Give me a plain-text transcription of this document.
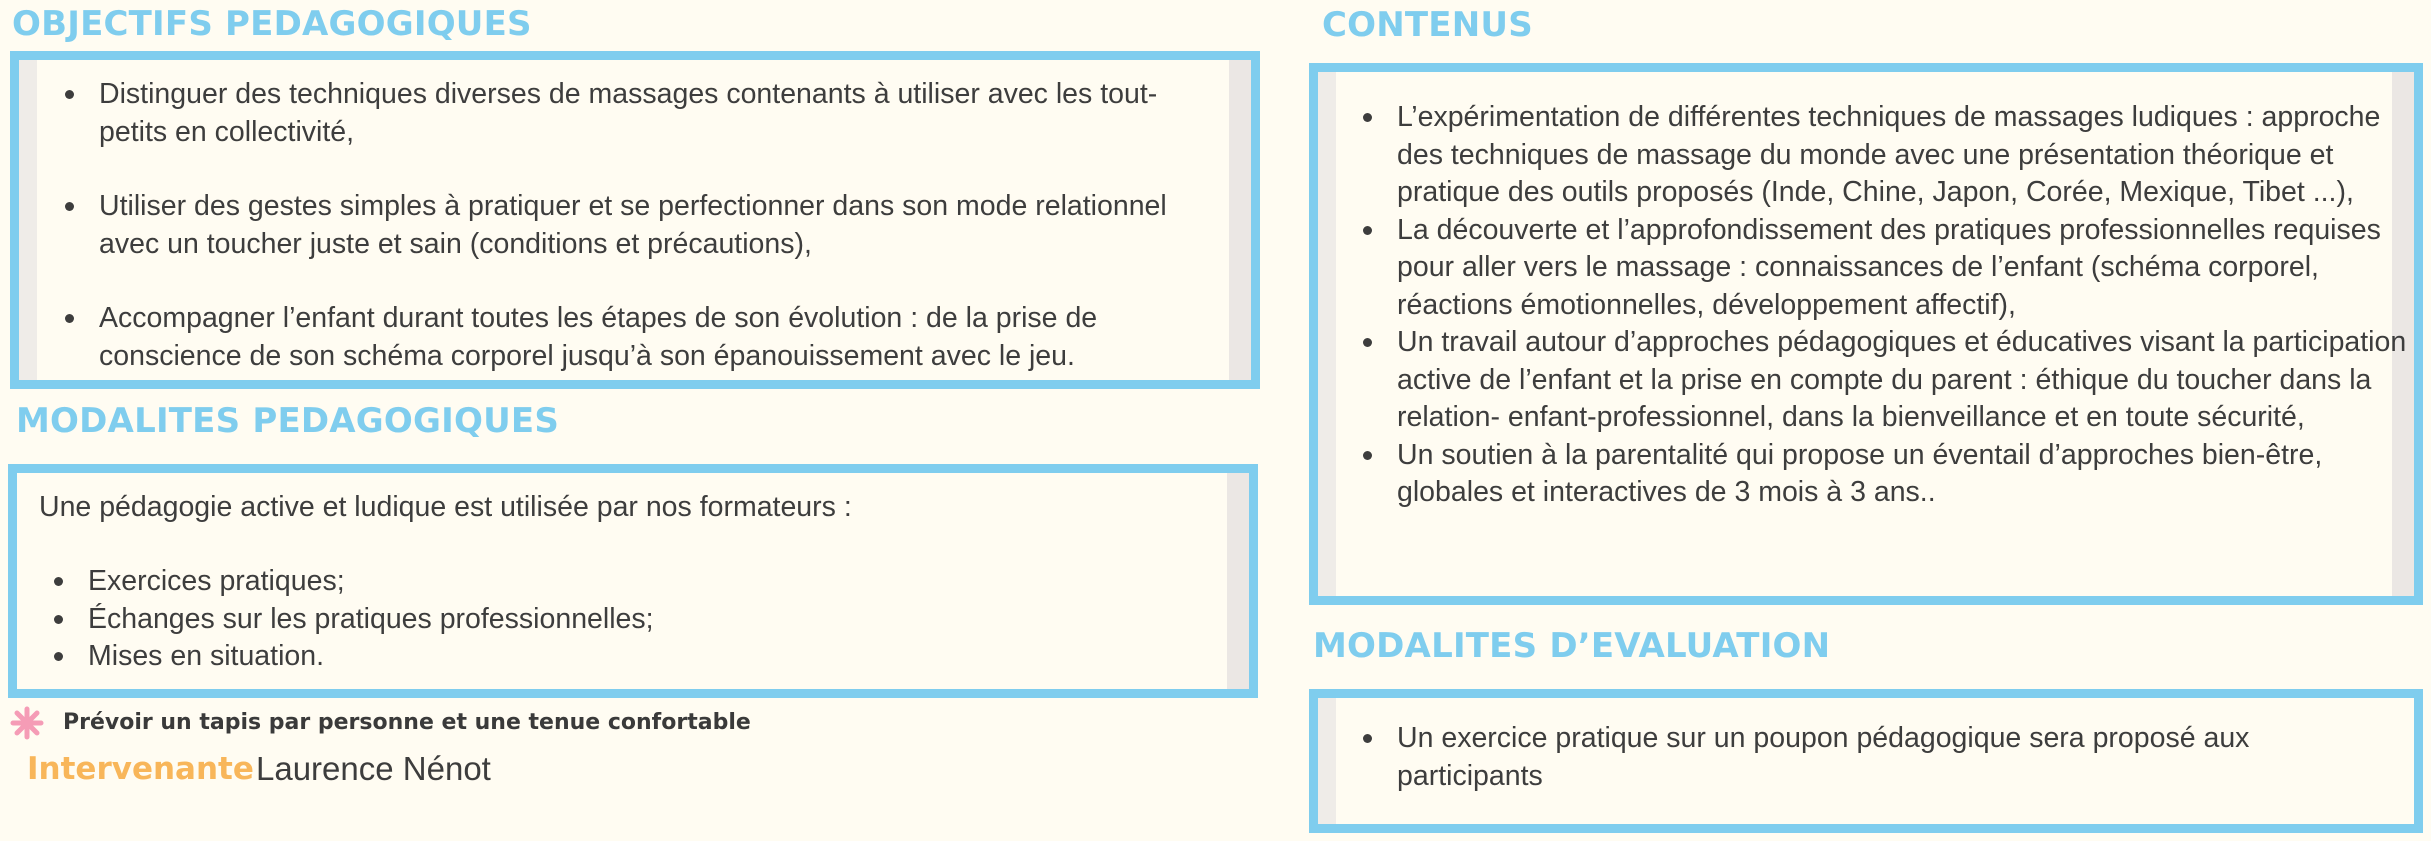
OBJECTIFS PEDAGOGIQUES
Distinguer des techniques diverses de massages contenants à utiliser avec les tout-petits en collectivité,
Utiliser des gestes simples à pratiquer et se perfectionner dans son mode relationnel avec un toucher juste et sain (conditions et précautions),
Accompagner l’enfant durant toutes les étapes de son évolution : de la prise de conscience de son schéma corporel jusqu’à son épanouissement avec le jeu.
MODALITES PEDAGOGIQUES
Une pédagogie active et ludique est utilisée par nos formateurs :
Exercices pratiques;
Échanges sur les pratiques professionnelles;
Mises en situation.
Prévoir un tapis par personne et une tenue confortable
Intervenante Laurence Nénot
CONTENUS
L’expérimentation de différentes techniques de massages ludiques : approche des techniques de massage du monde avec une présentation théorique et pratique des outils proposés (Inde, Chine, Japon, Corée, Mexique, Tibet ...),
La découverte et l’approfondissement des pratiques professionnelles requises pour aller vers le massage : connaissances de l’enfant (schéma corporel, réactions émotionnelles, développement affectif),
Un travail autour d’approches pédagogiques et éducatives visant la participation active de l’enfant et la prise en compte du parent : éthique du toucher dans la relation- enfant-professionnel, dans la bienveillance et en toute sécurité,
Un soutien à la parentalité qui propose un éventail d’approches bien-être, globales et interactives de 3 mois à 3 ans..
MODALITES D’EVALUATION
Un exercice pratique sur un poupon pédagogique sera proposé aux participants
